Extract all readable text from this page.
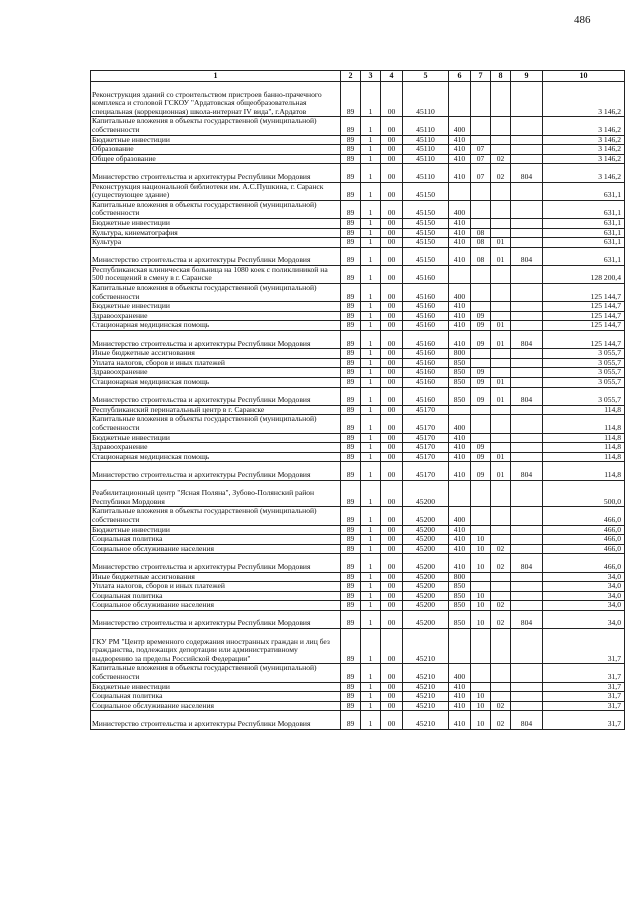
486
1	2	3	4	5	6	7	8	9	10
Реконструкция зданий со строительством пристроев банно-прачечного комплекса и столовой ГСКОУ "Ардатовская общеобразовательная специальная (коррекционная) школа-интернат IV вида", г.Ардатов	89	1	00	45110					3 146,2
Капитальные вложения в объекты государственной (муниципальной) собственности	89	1	00	45110	400				3 146,2
Бюджетные инвестиции	89	1	00	45110	410				3 146,2
Образование	89	1	00	45110	410	07			3 146,2
Общее образование	89	1	00	45110	410	07	02		3 146,2
Министерство строительства и архитектуры Республики Мордовия	89	1	00	45110	410	07	02	804	3 146,2
Реконструкция национальной библиотеки им. А.С.Пушкина, г. Саранск (существующее здание)	89	1	00	45150					631,1
Капитальные вложения в объекты государственной (муниципальной) собственности	89	1	00	45150	400				631,1
Бюджетные инвестиции	89	1	00	45150	410				631,1
Культура, кинематография	89	1	00	45150	410	08			631,1
Культура	89	1	00	45150	410	08	01		631,1
Министерство строительства и архитектуры Республики Мордовия	89	1	00	45150	410	08	01	804	631,1
Республиканская клиническая больница на 1080 коек с поликлиникой на 500 посещений в смену в г. Саранске	89	1	00	45160					128 200,4
Капитальные вложения в объекты государственной (муниципальной) собственности	89	1	00	45160	400				125 144,7
Бюджетные инвестиции	89	1	00	45160	410				125 144,7
Здравоохранение	89	1	00	45160	410	09			125 144,7
Стационарная медицинская помощь	89	1	00	45160	410	09	01		125 144,7
Министерство строительства и архитектуры Республики Мордовия	89	1	00	45160	410	09	01	804	125 144,7
Иные бюджетные ассигнования	89	1	00	45160	800				3 055,7
Уплата налогов, сборов и иных платежей	89	1	00	45160	850				3 055,7
Здравоохранение	89	1	00	45160	850	09			3 055,7
Стационарная медицинская помощь	89	1	00	45160	850	09	01		3 055,7
Министерство строительства и архитектуры Республики Мордовия	89	1	00	45160	850	09	01	804	3 055,7
Республиканский перинатальный центр в г. Саранске	89	1	00	45170					114,8
Капитальные вложения в объекты государственной (муниципальной) собственности	89	1	00	45170	400				114,8
Бюджетные инвестиции	89	1	00	45170	410				114,8
Здравоохранение	89	1	00	45170	410	09			114,8
Стационарная медицинская помощь	89	1	00	45170	410	09	01		114,8
Министерство строительства и архитектуры Республики Мордовия	89	1	00	45170	410	09	01	804	114,8
Реабилитационный центр "Ясная Поляна", Зубово-Полянский район Республики Мордовия	89	1	00	45200					500,0
Капитальные вложения в объекты государственной (муниципальной) собственности	89	1	00	45200	400				466,0
Бюджетные инвестиции	89	1	00	45200	410				466,0
Социальная политика	89	1	00	45200	410	10			466,0
Социальное обслуживание населения	89	1	00	45200	410	10	02		466,0
Министерство строительства и архитектуры Республики Мордовия	89	1	00	45200	410	10	02	804	466,0
Иные бюджетные ассигнования	89	1	00	45200	800				34,0
Уплата налогов, сборов и иных платежей	89	1	00	45200	850				34,0
Социальная политика	89	1	00	45200	850	10			34,0
Социальное обслуживание населения	89	1	00	45200	850	10	02		34,0
Министерство строительства и архитектуры Республики Мордовия	89	1	00	45200	850	10	02	804	34,0
ГКУ РМ "Центр временного содержания иностранных граждан и лиц без гражданства, подлежащих депортации или административному выдворению за пределы Российской Федерации"	89	1	00	45210					31,7
Капитальные вложения в объекты государственной (муниципальной) собственности	89	1	00	45210	400				31,7
Бюджетные инвестиции	89	1	00	45210	410				31,7
Социальная политика	89	1	00	45210	410	10			31,7
Социальное обслуживание населения	89	1	00	45210	410	10	02		31,7
Министерство строительства и архитектуры Республики Мордовия	89	1	00	45210	410	10	02	804	31,7
